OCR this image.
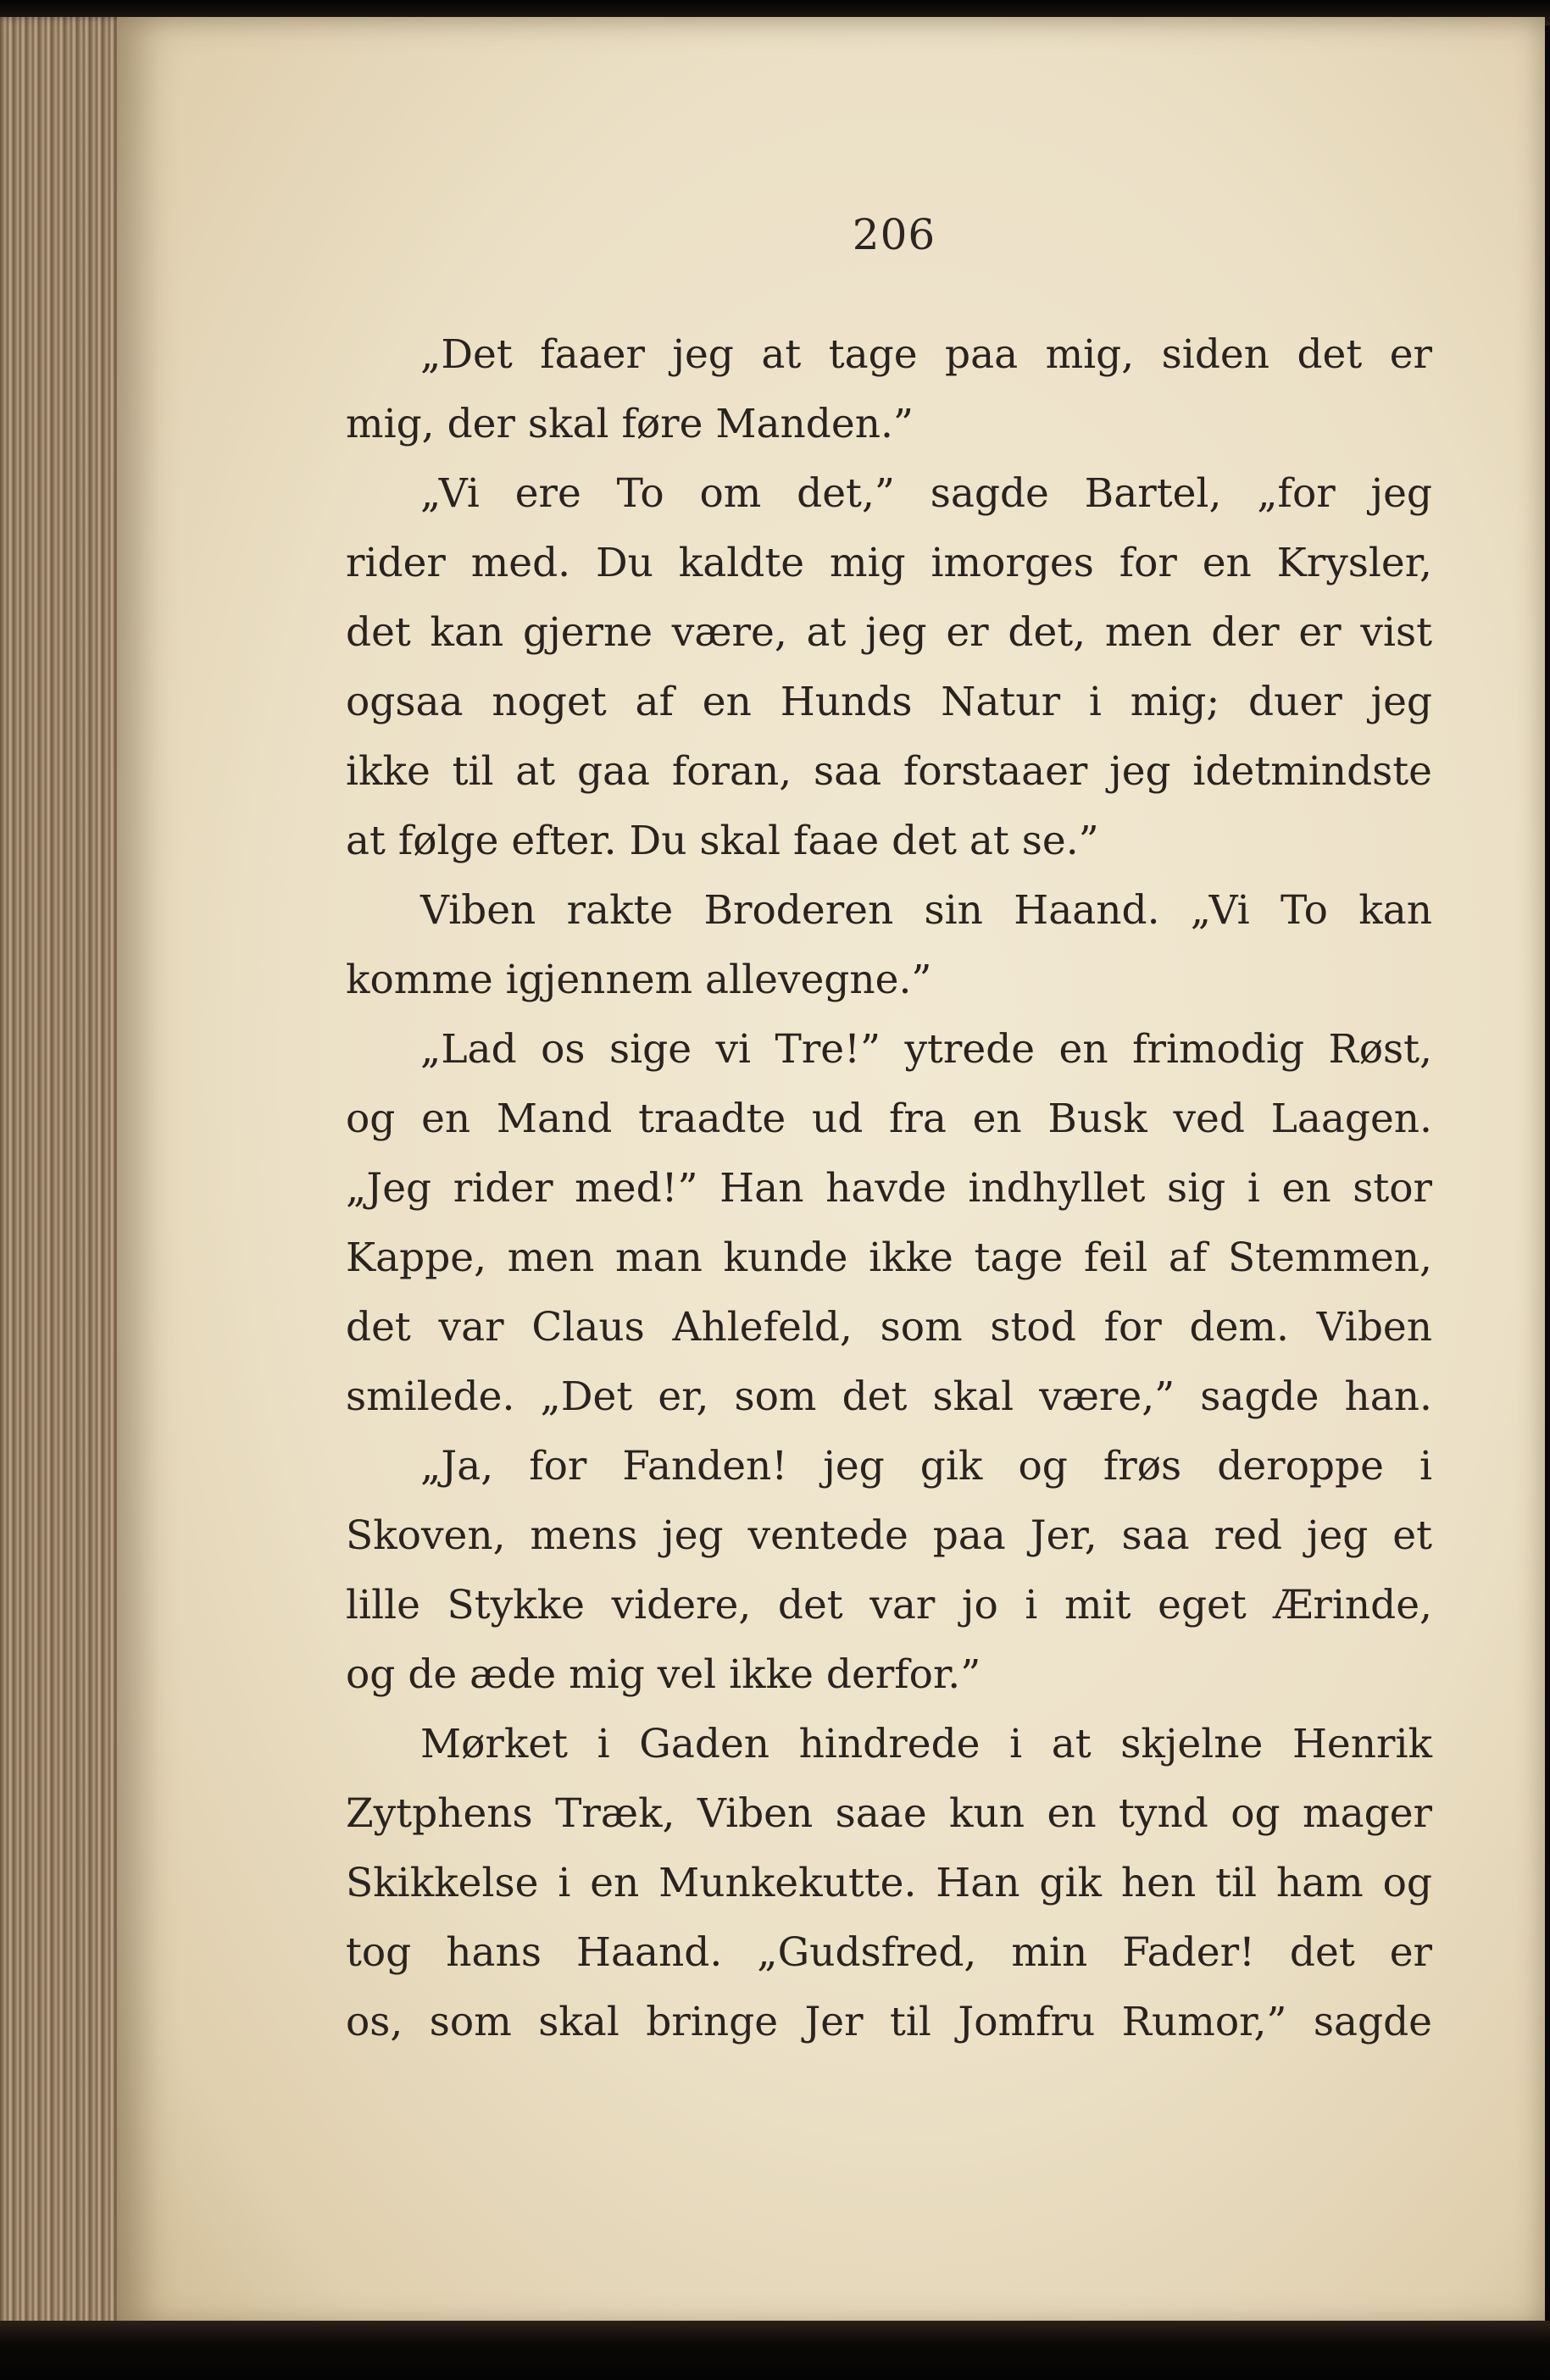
206
„Det faaer jeg at tage paa mig, siden det er
mig, der skal føre Manden.”
„Vi ere To om det,” sagde Bartel, „for jeg
rider med. Du kaldte mig imorges for en Krysler,
det kan gjerne være, at jeg er det, men der er vist
ogsaa noget af en Hunds Natur i mig; duer jeg
ikke til at gaa foran, saa forstaaer jeg idetmindste
at følge efter. Du skal faae det at se.”
Viben rakte Broderen sin Haand. „Vi To kan
komme igjennem allevegne.”
„Lad os sige vi Tre!” ytrede en frimodig Røst,
og en Mand traadte ud fra en Busk ved Laagen.
„Jeg rider med!” Han havde indhyllet sig i en stor
Kappe, men man kunde ikke tage feil af Stemmen,
det var Claus Ahlefeld, som stod for dem. Viben
smilede. „Det er, som det skal være,” sagde han.
„Ja, for Fanden! jeg gik og frøs deroppe i
Skoven, mens jeg ventede paa Jer, saa red jeg et
lille Stykke videre, det var jo i mit eget Ærinde,
og de æde mig vel ikke derfor.”
Mørket i Gaden hindrede i at skjelne Henrik
Zytphens Træk, Viben saae kun en tynd og mager
Skikkelse i en Munkekutte. Han gik hen til ham og
tog hans Haand. „Gudsfred, min Fader! det er
os, som skal bringe Jer til Jomfru Rumor,” sagde
